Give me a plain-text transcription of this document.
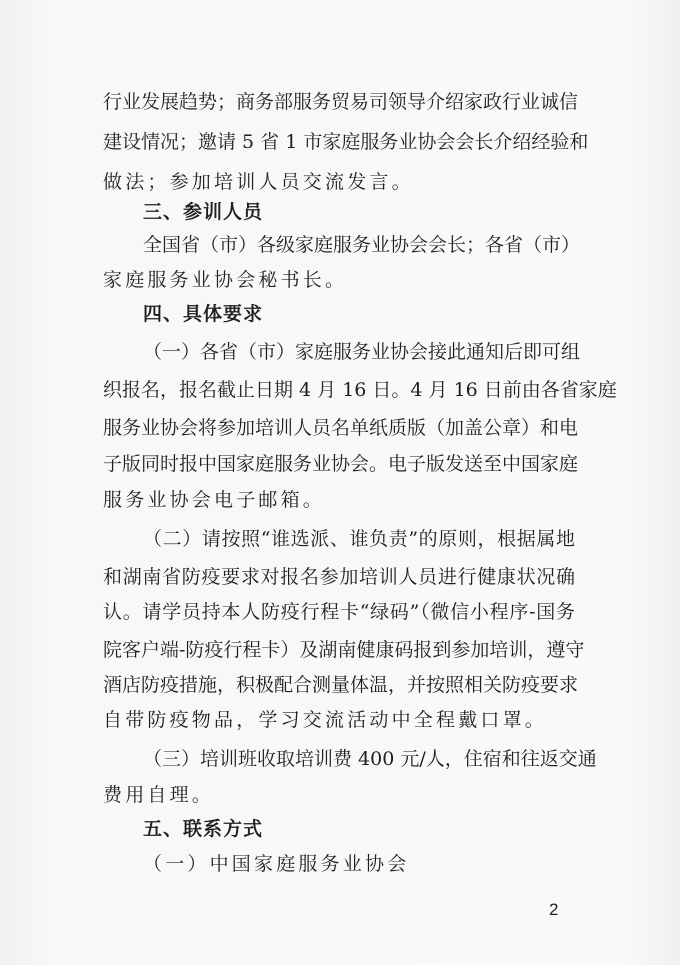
行业发展趋势；商务部服务贸易司领导介绍家政行业诚信
建设情况；邀请 5 省 1 市家庭服务业协会会长介绍经验和
做法；参加培训人员交流发言。
三、参训人员
全国省（市）各级家庭服务业协会会长；各省（市）
家庭服务业协会秘书长。
四、具体要求
（一）各省（市）家庭服务业协会接此通知后即可组
织报名，报名截止日期 4 月 16 日。4 月 16 日前由各省家庭
服务业协会将参加培训人员名单纸质版（加盖公章）和电
子版同时报中国家庭服务业协会。电子版发送至中国家庭
服务业协会电子邮箱。
（二）请按照“谁选派、谁负责”的原则，根据属地
和湖南省防疫要求对报名参加培训人员进行健康状况确
认。请学员持本人防疫行程卡“绿码”（微信小程序-国务
院客户端-防疫行程卡）及湖南健康码报到参加培训，遵守
酒店防疫措施，积极配合测量体温，并按照相关防疫要求
自带防疫物品，学习交流活动中全程戴口罩。
（三）培训班收取培训费 400 元/人，住宿和往返交通
费用自理。
五、联系方式
（一）中国家庭服务业协会
2
